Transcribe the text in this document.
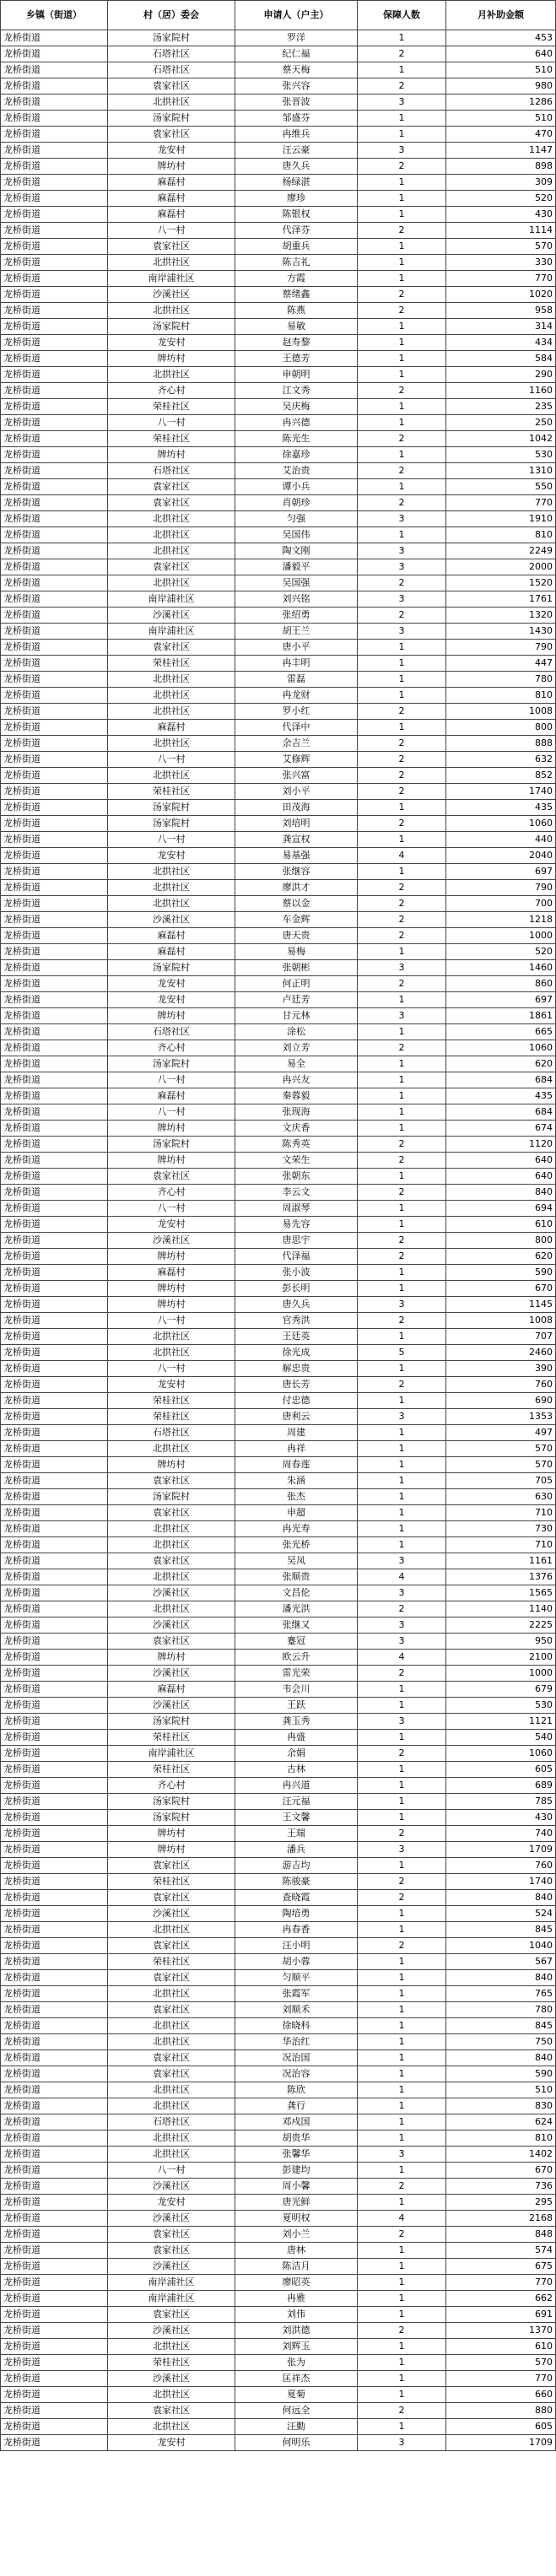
乡镇（街道）	村（居）委会	申请人（户主）	保障人数	月补助金额
龙桥街道	汤家院村	罗洋	1	453
龙桥街道	石塔社区	纪仁福	2	640
龙桥街道	石塔社区	蔡天梅	1	510
龙桥街道	袁家社区	张兴容	2	980
龙桥街道	北拱社区	张晋波	3	1286
龙桥街道	汤家院村	邹盛芬	1	510
龙桥街道	袁家社区	冉维兵	1	470
龙桥街道	龙安村	汪云豪	3	1147
龙桥街道	牌坊村	唐久兵	2	898
龙桥街道	麻磊村	杨绿湛	1	309
龙桥街道	麻磊村	廖珍	1	520
龙桥街道	麻磊村	陈银权	1	430
龙桥街道	八一村	代泽芬	2	1114
龙桥街道	袁家社区	胡重兵	1	570
龙桥街道	北拱社区	陈吉礼	1	330
龙桥街道	南岸浦社区	方霞	1	770
龙桥街道	沙溪社区	蔡绪鑫	2	1020
龙桥街道	北拱社区	陈燕	2	958
龙桥街道	汤家院村	易敏	1	314
龙桥街道	龙安村	赵寿黎	1	434
龙桥街道	牌坊村	王德芳	1	584
龙桥街道	北拱社区	申朝明	1	290
龙桥街道	齐心村	江文秀	2	1160
龙桥街道	荣桂社区	吴庆梅	1	235
龙桥街道	八一村	冉兴德	1	250
龙桥街道	荣桂社区	陈光生	2	1042
龙桥街道	牌坊村	徐嘉珍	1	530
龙桥街道	石塔社区	艾治贵	2	1310
龙桥街道	袁家社区	谭小兵	1	550
龙桥街道	袁家社区	肖朝珍	2	770
龙桥街道	北拱社区	匀强	3	1910
龙桥街道	北拱社区	吴国伟	1	810
龙桥街道	北拱社区	陶文刚	3	2249
龙桥街道	袁家社区	潘毅平	3	2000
龙桥街道	北拱社区	吴国强	2	1520
龙桥街道	南岸浦社区	刘兴铭	3	1761
龙桥街道	沙溪社区	张绍勇	2	1320
龙桥街道	南岸浦社区	胡王兰	3	1430
龙桥街道	袁家社区	唐小平	1	790
龙桥街道	荣桂社区	冉丰明	1	447
龙桥街道	北拱社区	雷磊	1	780
龙桥街道	北拱社区	冉龙财	1	810
龙桥街道	北拱社区	罗小红	2	1008
龙桥街道	麻磊村	代泽中	1	800
龙桥街道	北拱社区	余吉兰	2	888
龙桥街道	八一村	艾修辉	2	632
龙桥街道	北拱社区	张兴富	2	852
龙桥街道	荣桂社区	刘小平	2	1740
龙桥街道	汤家院村	田茂海	1	435
龙桥街道	汤家院村	刘培明	2	1060
龙桥街道	八一村	龚宣权	1	440
龙桥街道	龙安村	易基强	4	2040
龙桥街道	北拱社区	张继容	1	697
龙桥街道	北拱社区	廖洪才	2	790
龙桥街道	北拱社区	蔡以金	2	700
龙桥街道	沙溪社区	车金辉	2	1218
龙桥街道	麻磊村	唐天贵	2	1000
龙桥街道	麻磊村	易梅	1	520
龙桥街道	汤家院村	张朝彬	3	1460
龙桥街道	龙安村	何正明	2	860
龙桥街道	龙安村	卢廷芳	1	697
龙桥街道	牌坊村	甘元林	3	1861
龙桥街道	石塔社区	涂松	1	665
龙桥街道	齐心村	刘立芳	2	1060
龙桥街道	汤家院村	易全	1	620
龙桥街道	八一村	冉兴友	1	684
龙桥街道	麻磊村	秦蓉毅	1	435
龙桥街道	八一村	张现海	1	684
龙桥街道	牌坊村	文庆香	1	674
龙桥街道	汤家院村	陈秀英	2	1120
龙桥街道	牌坊村	文荣生	2	640
龙桥街道	袁家社区	张朝东	1	640
龙桥街道	齐心村	李云文	2	840
龙桥街道	八一村	周淑琴	1	694
龙桥街道	龙安村	易先容	1	610
龙桥街道	沙溪社区	唐思宇	2	800
龙桥街道	牌坊村	代泽福	2	620
龙桥街道	麻磊村	张小波	1	590
龙桥街道	牌坊村	彭长明	1	670
龙桥街道	牌坊村	唐久兵	3	1145
龙桥街道	八一村	官秀洪	2	1008
龙桥街道	北拱社区	王廷英	1	707
龙桥街道	北拱社区	徐光成	5	2460
龙桥街道	八一村	解忠贵	1	390
龙桥街道	龙安村	唐长芳	2	760
龙桥街道	荣桂社区	付忠德	1	690
龙桥街道	荣桂社区	唐利云	3	1353
龙桥街道	石塔社区	周建	1	497
龙桥街道	北拱社区	冉祥	1	570
龙桥街道	牌坊村	周春莲	1	570
龙桥街道	袁家社区	朱涵	1	705
龙桥街道	汤家院村	张杰	1	630
龙桥街道	袁家社区	申超	1	710
龙桥街道	北拱社区	冉光寿	1	730
龙桥街道	北拱社区	张光桥	1	710
龙桥街道	袁家社区	吴凤	3	1161
龙桥街道	北拱社区	张顺贵	4	1376
龙桥街道	沙溪社区	文昌伦	3	1565
龙桥街道	北拱社区	潘光洪	2	1140
龙桥街道	沙溪社区	张继又	3	2225
龙桥街道	袁家社区	蹇冠	3	950
龙桥街道	牌坊村	欧云升	4	2100
龙桥街道	沙溪社区	雷光荣	2	1000
龙桥街道	麻磊村	韦会川	1	679
龙桥街道	沙溪社区	王跃	1	530
龙桥街道	汤家院村	龚玉秀	3	1121
龙桥街道	荣桂社区	冉盛	1	540
龙桥街道	南岸浦社区	余娟	2	1060
龙桥街道	荣桂社区	古林	1	605
龙桥街道	齐心村	冉兴道	1	689
龙桥街道	汤家院村	汪元福	1	785
龙桥街道	汤家院村	王文馨	1	430
龙桥街道	牌坊村	王瑞	2	740
龙桥街道	牌坊村	潘兵	3	1709
龙桥街道	袁家社区	游吉均	1	760
龙桥街道	荣桂社区	陈骏豪	2	1740
龙桥街道	袁家社区	查晓霞	2	840
龙桥街道	沙溪社区	陶培勇	1	524
龙桥街道	北拱社区	冉春香	1	845
龙桥街道	袁家社区	汪小明	2	1040
龙桥街道	荣桂社区	胡小蓉	1	567
龙桥街道	袁家社区	匀顺平	1	840
龙桥街道	北拱社区	张霞军	1	765
龙桥街道	袁家社区	刘顺禾	1	780
龙桥街道	北拱社区	徐晓科	1	845
龙桥街道	北拱社区	华治红	1	750
龙桥街道	袁家社区	况治国	1	840
龙桥街道	袁家社区	况治容	1	590
龙桥街道	北拱社区	陈欣	1	510
龙桥街道	北拱社区	龚行	1	830
龙桥街道	石塔社区	邓戍国	1	624
龙桥街道	北拱社区	胡贵华	1	810
龙桥街道	北拱社区	张馨华	3	1402
龙桥街道	八一村	彭建均	1	670
龙桥街道	沙溪社区	周小馨	2	736
龙桥街道	龙安村	唐光鲜	1	295
龙桥街道	沙溪社区	夏明权	4	2168
龙桥街道	袁家社区	刘小兰	2	848
龙桥街道	袁家社区	唐林	1	574
龙桥街道	沙溪社区	陈洁月	1	675
龙桥街道	南岸浦社区	廖昭英	1	770
龙桥街道	南岸浦社区	冉雅	1	662
龙桥街道	袁家社区	刘伟	1	691
龙桥街道	沙溪社区	刘洪德	2	1370
龙桥街道	北拱社区	刘辉玉	1	610
龙桥街道	荣桂社区	张为	1	570
龙桥街道	沙溪社区	匡祥杰	1	770
龙桥街道	北拱社区	夏菊	1	660
龙桥街道	袁家社区	何远全	2	880
龙桥街道	北拱社区	汪勤	1	605
龙桥街道	龙安村	何明乐	3	1709
